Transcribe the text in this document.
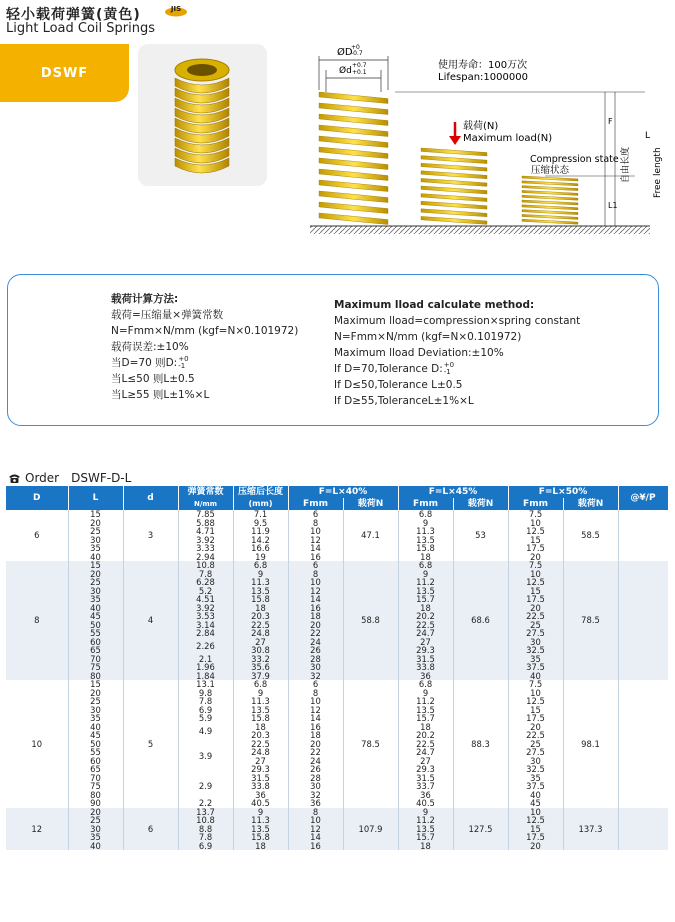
轻小载荷弹簧(黄色)	JIS
Light Load Coil Springs
DSWF
ØD
+0
-0.7
Ød
+0.7
+0.1
使用寿命：100万次
Lifespan:1000000
载荷(N)
Maximum load(N)
Compression state
压缩状态
F
L1
L
自由长度 Free length
载荷计算方法:
载荷=压缩量×弹簧常数
N=Fmm×N/mm (kgf=N×0.101972)
载荷误差:±10%
当D=70 则D: +0
-1
当L≤50 则L±0.5
当L≥55 则L±1%×L
Maximum lload calculate method:
Maximum lload=compression×spring constant
N=Fmm×N/mm (kgf=N×0.101972)
Maximum lload Deviation:±10%
If D=70,Tolerance D: +0
-1
If D≤50,Tolerance L±0.5
If D≥55,ToleranceL±1%×L
Order DSWF-D-L
D	L	d	弹簧常数	压缩后长度	F=L×40%		F=L×45%		F=L×50%		@¥/P
			N/mm	(mm)	Fmm	载荷N	Fmm	载荷N	Fmm	载荷N	
6	15	3	7.85	7.1	6	47.1	6.8	53	7.5	58.5	
	20		5.88	9.5	8		9		10		
	25		4.71	11.9	10		11.3		12.5		
	30		3.92	14.2	12		13.5		15		
	35		3.33	16.6	14		15.8		17.5		
	40		2.94	19	16		18		20		
8	15	4	10.8	6.8	6	58.8	6.8	68.6	7.5	78.5	
	20		7.8	9	8		9		10		
	25		6.28	11.3	10		11.2		12.5		
	30		5.2	13.5	12		13.5		15		
	35		4.51	15.8	14		15.7		17.5		
	40		3.92	18	16		18		20		
	45		3.53	20.3	18		20.2		22.5		
	50		3.14	22.5	20		22.5		25		
	55		2.84	24.8	22		24.7		27.5		
	60		2.26	27	24		27		30		
	65			30.8	26		29.3		32.5		
	70		2.1	33.2	28		31.5		35		
	75		1.96	35.6	30		33.8		37.5		
	80		1.84	37.9	32		36		40		
10	15	5	13.1	6.8	6	78.5	6.8	88.3	7.5	98.1	
	20		9.8	9	8		9		10		
	25		7.8	11.3	10		11.2		12.5		
	30		6.9	13.5	12		13.5		15		
	35		5.9	15.8	14		15.7		17.5		
	40		4.9	18	16		18		20		
	45			20.3	18		20.2		22.5		
	50		3.9	22.5	20		22.5		25		
	55			24.8	22		24.7		27.5		
	60			27	24		27		30		
	65			29.3	26		29.3		32.5		
	70		2.9	31.5	28		31.5		35		
	75			33.8	30		33.7		37.5		
	80			36	32		36		40		
	90		2.2	40.5	36		40.5		45		
12	20	6	13.7	9	8	107.9	9	127.5	10	137.3	
	25		10.8	11.3	10		11.2		12.5		
	30		8.8	13.5	12		13.5		15		
	35		7.8	15.8	14		15.7		17.5		
	40		6.9	18	16		18		20		
